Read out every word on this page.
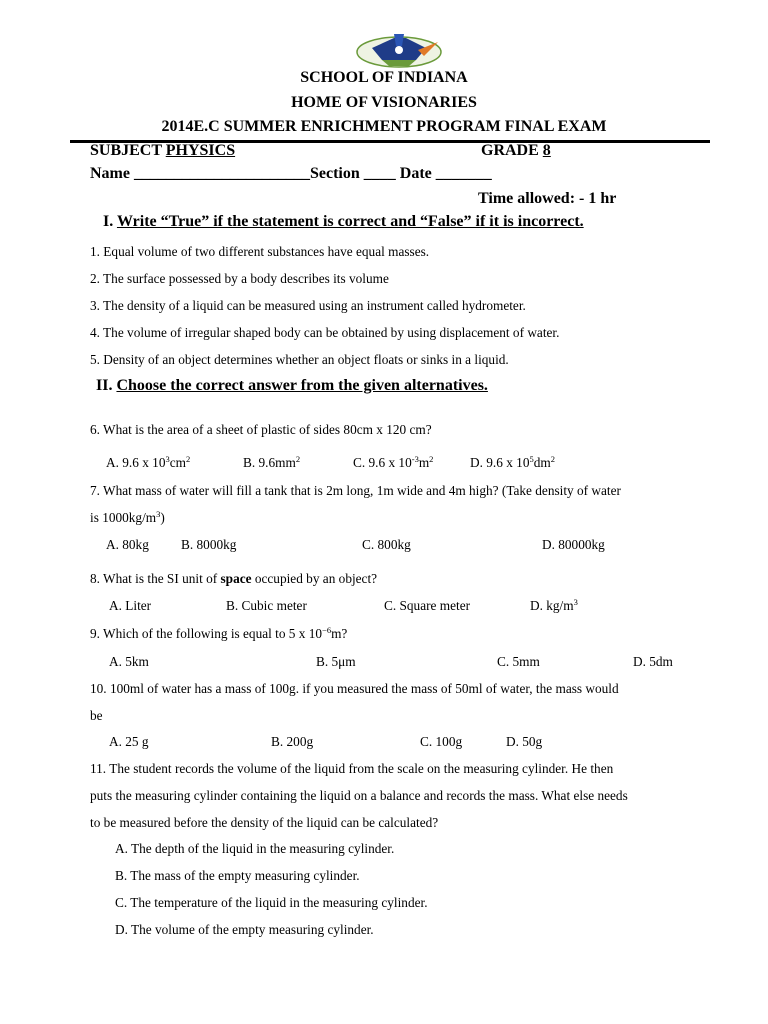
SCHOOL OF INDIANA
HOME OF VISIONARIES
2014E.C SUMMER ENRICHMENT PROGRAM FINAL EXAM
SUBJECT PHYSICS	GRADE 8
Name ______________________Section ____ Date _______
Time allowed: - 1 hr
I. Write “True” if the statement is correct and “False” if it is incorrect.
1. Equal volume of two different substances have equal masses.
2. The surface possessed by a body describes its volume
3. The density of a liquid can be measured using an instrument called hydrometer.
4. The volume of irregular shaped body can be obtained by using displacement of water.
5. Density of an object determines whether an object floats or sinks in a liquid.
II. Choose the correct answer from the given alternatives.
6. What is the area of a sheet of plastic of sides 80cm x 120 cm?
A. 9.6 x $10^3cm^2$	B. $9.6mm^2$	C. 9.6 x $10^{-3}m^2$	D. 9.6 x $10^5dm^2$
7. What mass of water will fill a tank that is 2m long, 1m wide and 4m high? (Take density of water
is $1000kg/m^3$)
A. 80kg B. 8000kg	C. 800kg	D. 80000kg
8. What is the SI unit of space occupied by an object?
A. Liter	B. Cubic meter	C. Square meter	D. $kg/m^3$
9. Which of the following is equal to 5 x $10^{-6}m$?
A. 5km	B. 5μm	C. 5mm	D. 5dm
10. 100ml of water has a mass of 100g. if you measured the mass of 50ml of water, the mass would
be
A. 25 g	B. 200g	C. 100g	D. 50g
11. The student records the volume of the liquid from the scale on the measuring cylinder. He then
puts the measuring cylinder containing the liquid on a balance and records the mass. What else needs
to be measured before the density of the liquid can be calculated?
A. The depth of the liquid in the measuring cylinder.
B. The mass of the empty measuring cylinder.
C. The temperature of the liquid in the measuring cylinder.
D. The volume of the empty measuring cylinder.
